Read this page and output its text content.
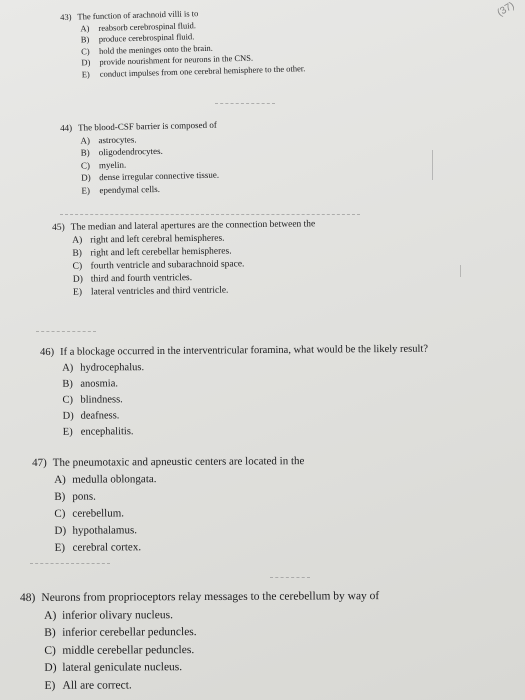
(37)
43) The function of arachnoid villi is to
A) reabsorb cerebrospinal fluid.
B) produce cerebrospinal fluid.
C) hold the meninges onto the brain.
D) provide nourishment for neurons in the CNS.
E) conduct impulses from one cerebral hemisphere to the other.
44) The blood-CSF barrier is composed of
A) astrocytes.
B) oligodendrocytes.
C) myelin.
D) dense irregular connective tissue.
E) ependymal cells.
45) The median and lateral apertures are the connection between the
A) right and left cerebral hemispheres.
B) right and left cerebellar hemispheres.
C) fourth ventricle and subarachnoid space.
D) third and fourth ventricles.
E) lateral ventricles and third ventricle.
46) If a blockage occurred in the interventricular foramina, what would be the likely result?
A) hydrocephalus.
B) anosmia.
C) blindness.
D) deafness.
E) encephalitis.
47) The pneumotaxic and apneustic centers are located in the
A) medulla oblongata.
B) pons.
C) cerebellum.
D) hypothalamus.
E) cerebral cortex.
48) Neurons from proprioceptors relay messages to the cerebellum by way of
A) inferior olivary nucleus.
B) inferior cerebellar peduncles.
C) middle cerebellar peduncles.
D) lateral geniculate nucleus.
E) All are correct.
